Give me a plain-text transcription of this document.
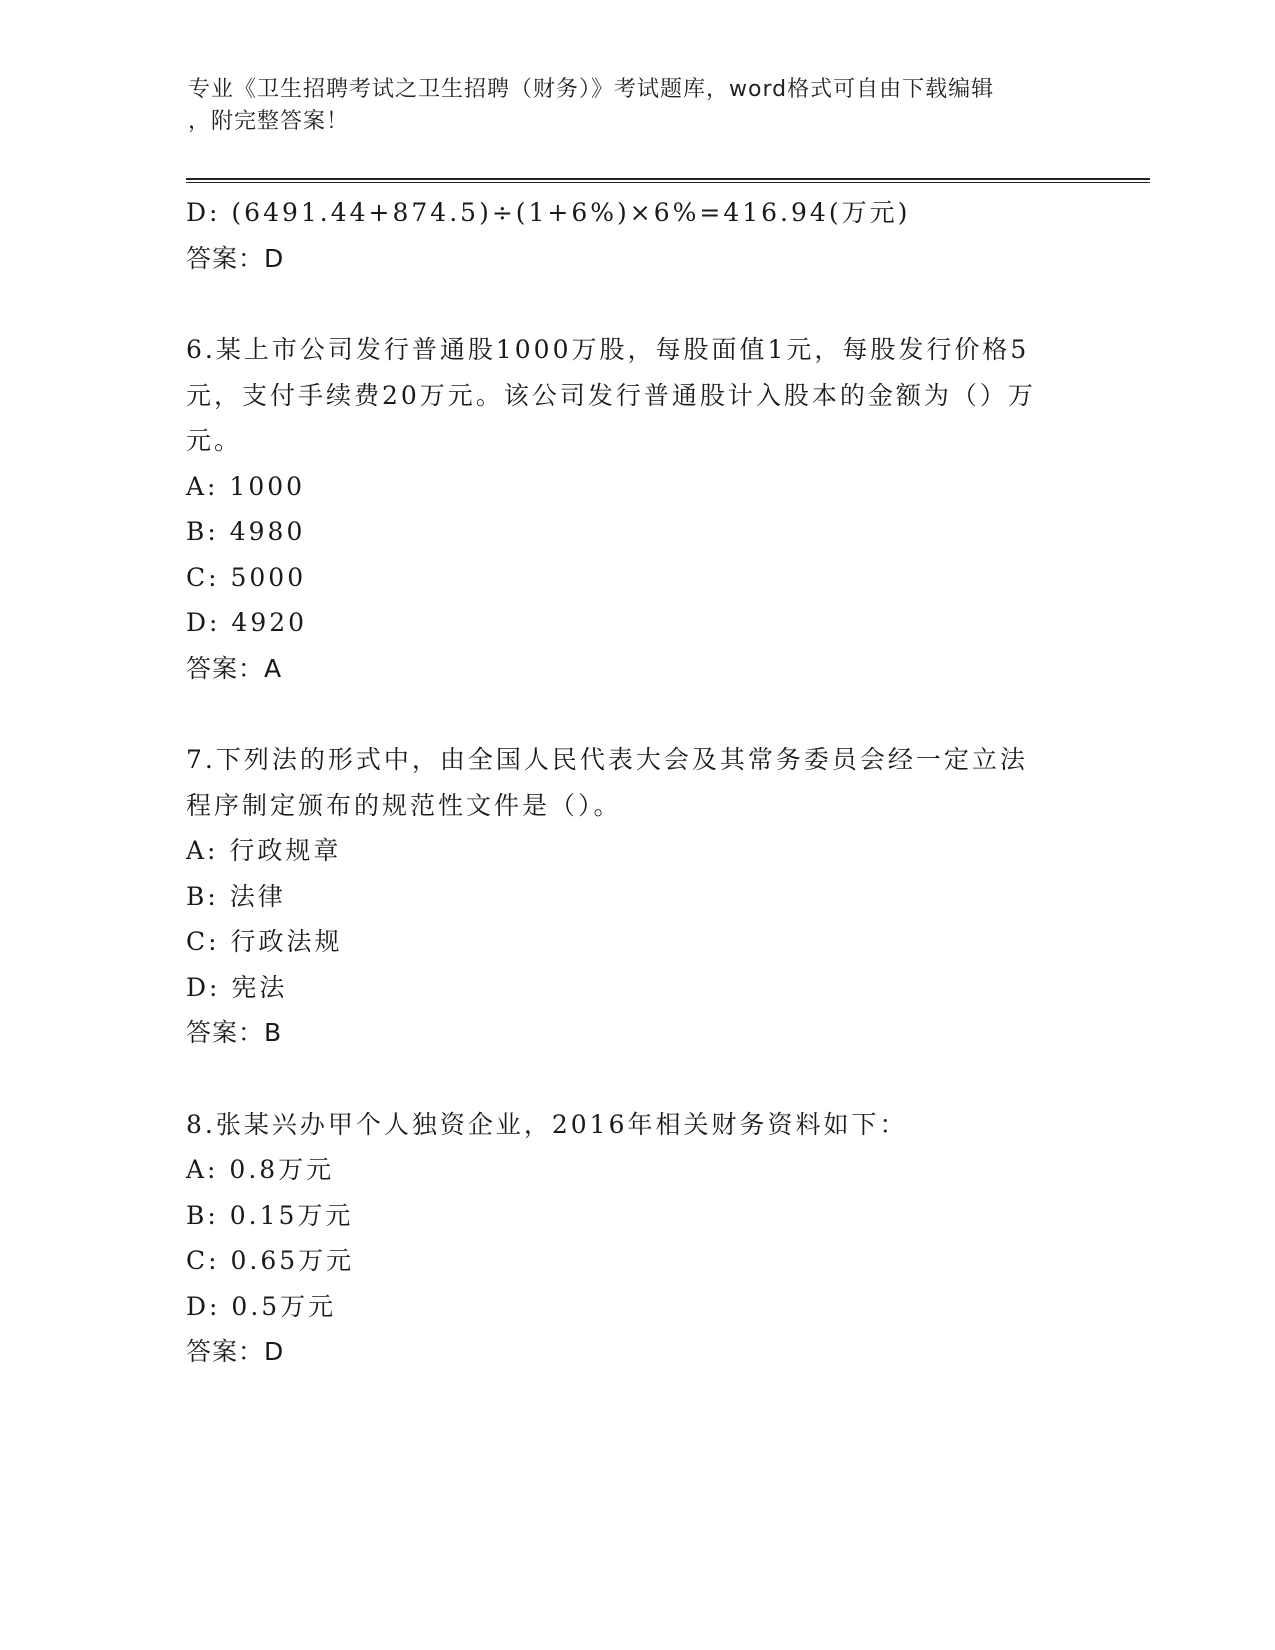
专业《卫生招聘考试之卫生招聘（财务）》考试题库，word格式可自由下载编辑
，附完整答案！
D: (6491.44+874.5)÷(1+6%)×6%=416.94(万元)
答案：D
6.某上市公司发行普通股1000万股，每股面值1元，每股发行价格5
元，支付手续费20万元。该公司发行普通股计入股本的金额为（）万
元。
A: 1000
B: 4980
C: 5000
D: 4920
答案：A
7.下列法的形式中，由全国人民代表大会及其常务委员会经一定立法
程序制定颁布的规范性文件是（）。
A: 行政规章
B: 法律
C: 行政法规
D: 宪法
答案：B
8.张某兴办甲个人独资企业，2016年相关财务资料如下：
A: 0.8万元
B: 0.15万元
C: 0.65万元
D: 0.5万元
答案：D
